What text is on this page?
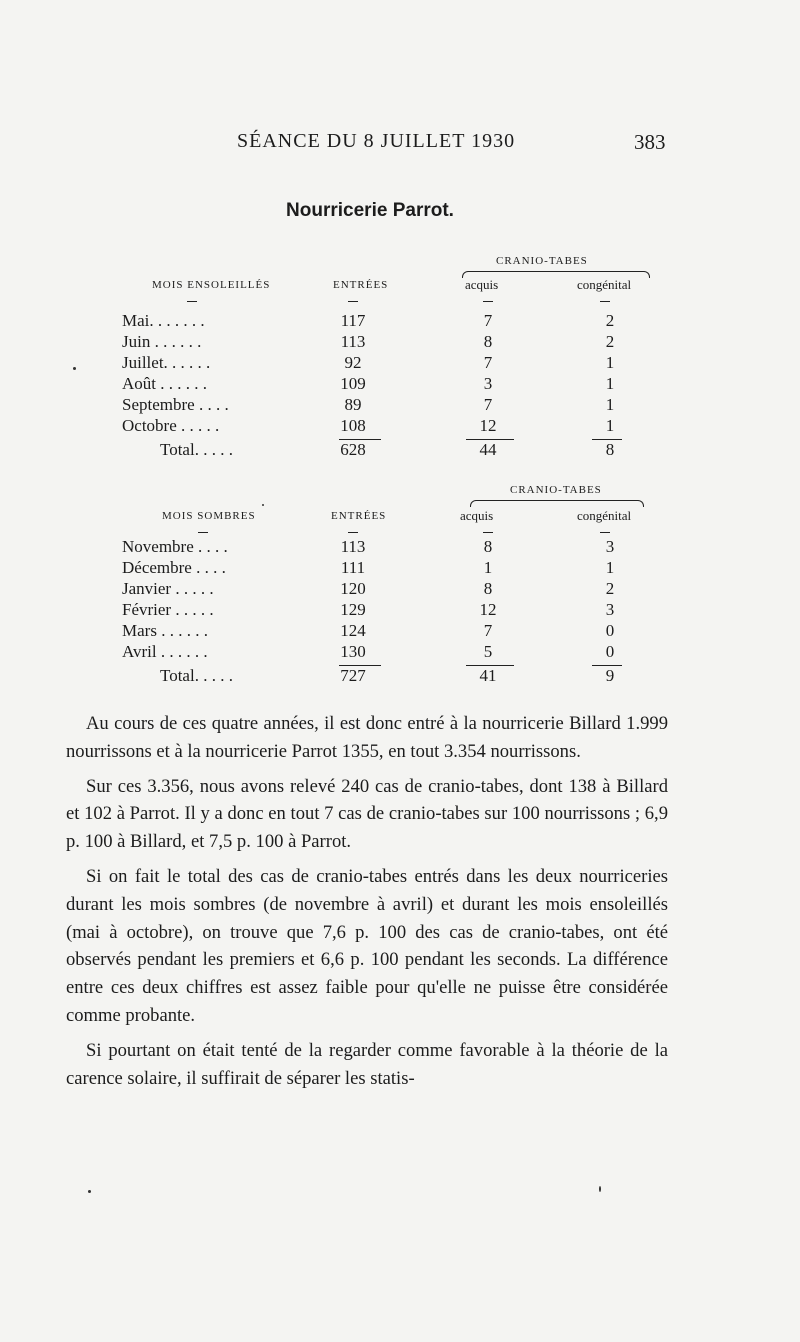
SÉANCE DU 8 JUILLET 1930	383
Nourricerie Parrot.
CRANIO-TABES
MOIS ENSOLEILLÉS	ENTRÉES	acquis	congénital
Mai. . . . . . .	117	7	2
Juin . . . . . .	113	8	2
Juillet. . . . . .	92	7	1
Août . . . . . .	109	3	1
Septembre . . . .	89	7	1
Octobre . . . . .	108	12	1
Total. . . . .	628	44	8
CRANIO-TABES
MOIS SOMBRES	ENTRÉES	acquis	congénital
Novembre . . . .	113	8	3
Décembre . . . .	111	1	1
Janvier . . . . .	120	8	2
Février . . . . .	129	12	3
Mars . . . . . .	124	7	0
Avril . . . . . .	130	5	0
Total. . . . .	727	41	9

Au cours de ces quatre années, il est donc entré à la nourricerie Billard 1.999 nourrissons et à la nourricerie Parrot 1355, en tout 3.354 nourrissons.

Sur ces 3.356, nous avons relevé 240 cas de cranio-tabes, dont 138 à Billard et 102 à Parrot. Il y a donc en tout 7 cas de cranio-tabes sur 100 nourrissons ; 6,9 p. 100 à Billard, et 7,5 p. 100 à Parrot.

Si on fait le total des cas de cranio-tabes entrés dans les deux nourriceries durant les mois sombres (de novembre à avril) et durant les mois ensoleillés (mai à octobre), on trouve que 7,6 p. 100 des cas de cranio-tabes, ont été observés pendant les premiers et 6,6 p. 100 pendant les seconds. La différence entre ces deux chiffres est assez faible pour qu'elle ne puisse être considérée comme probante.

Si pourtant on était tenté de la regarder comme favorable à la théorie de la carence solaire, il suffirait de séparer les statis-
